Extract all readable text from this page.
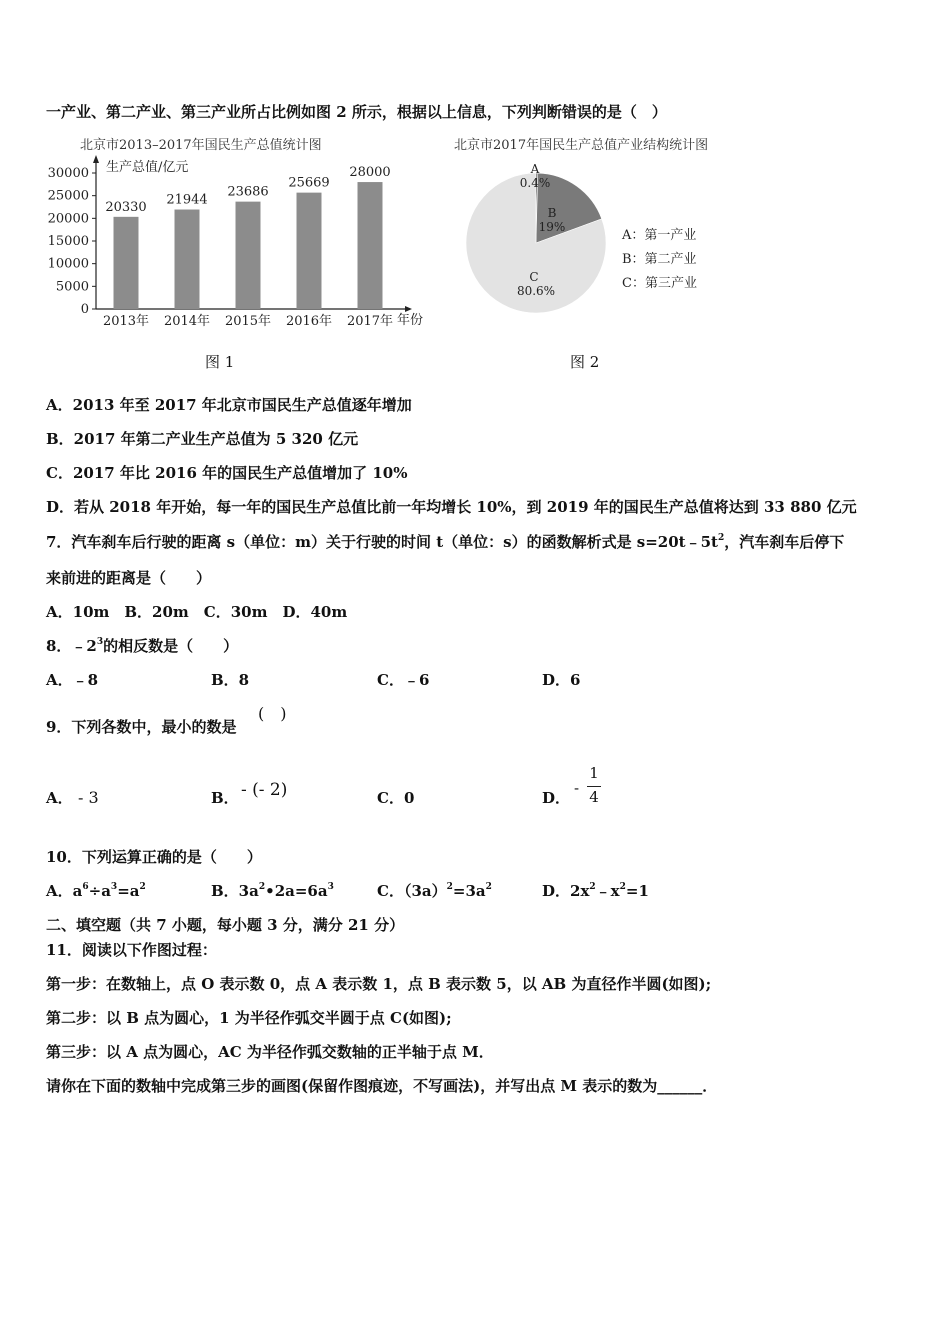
一产业、第二产业、第三产业所占比例如图 2 所示，根据以上信息，下列判断错误的是（　）
北京市2013–2017年国民生产总值统计图
生产总值/亿元
年份
0
5000
10000
15000
20000
25000
30000
20330
2013年
21944
2014年
23686
2015年
25669
2016年
28000
2017年
北京市2017年国民生产总值产业结构统计图
A
0.4%
B
19%
C
80.6%
A：第一产业
B：第二产业
C：第三产业
图 1	图 2
A．2013 年至 2017 年北京市国民生产总值逐年增加
B．2017 年第二产业生产总值为 5 320 亿元
C．2017 年比 2016 年的国民生产总值增加了 10%
D．若从 2018 年开始，每一年的国民生产总值比前一年均增长 10%，到 2019 年的国民生产总值将达到 33 880 亿元
7．汽车刹车后行驶的距离 s（单位：m）关于行驶的时间 t（单位：s）的函数解析式是 $s=20t﹣5t^2$，汽车刹车后停下
来前进的距离是（　　）
A．10m　B．20m　C．30m　D．40m
8．$﹣2^3$的相反数是（　　）
A．﹣8	B．8	C．﹣6	D．6
9．下列各数中，最小的数是
(　)
A． - 3	B． - (- 2)	C．0	D．
-
1
4
10．下列运算正确的是（　　）
A．$a^6\div a^3=a^2$	B．$3a^2•2a=6a^3$	C．$(3a)^2=3a^2$	D．$2x^2﹣x^2=1$
二、填空题（共 7 小题，每小题 3 分，满分 21 分）
11．阅读以下作图过程：
第一步：在数轴上，点 O 表示数 0，点 A 表示数 1，点 B 表示数 5，以 AB 为直径作半圆(如图);
第二步：以 B 点为圆心，1 为半径作弧交半圆于点 C(如图);
第三步：以 A 点为圆心，AC 为半径作弧交数轴的正半轴于点 M．
请你在下面的数轴中完成第三步的画图(保留作图痕迹，不写画法)，并写出点 M 表示的数为______．
